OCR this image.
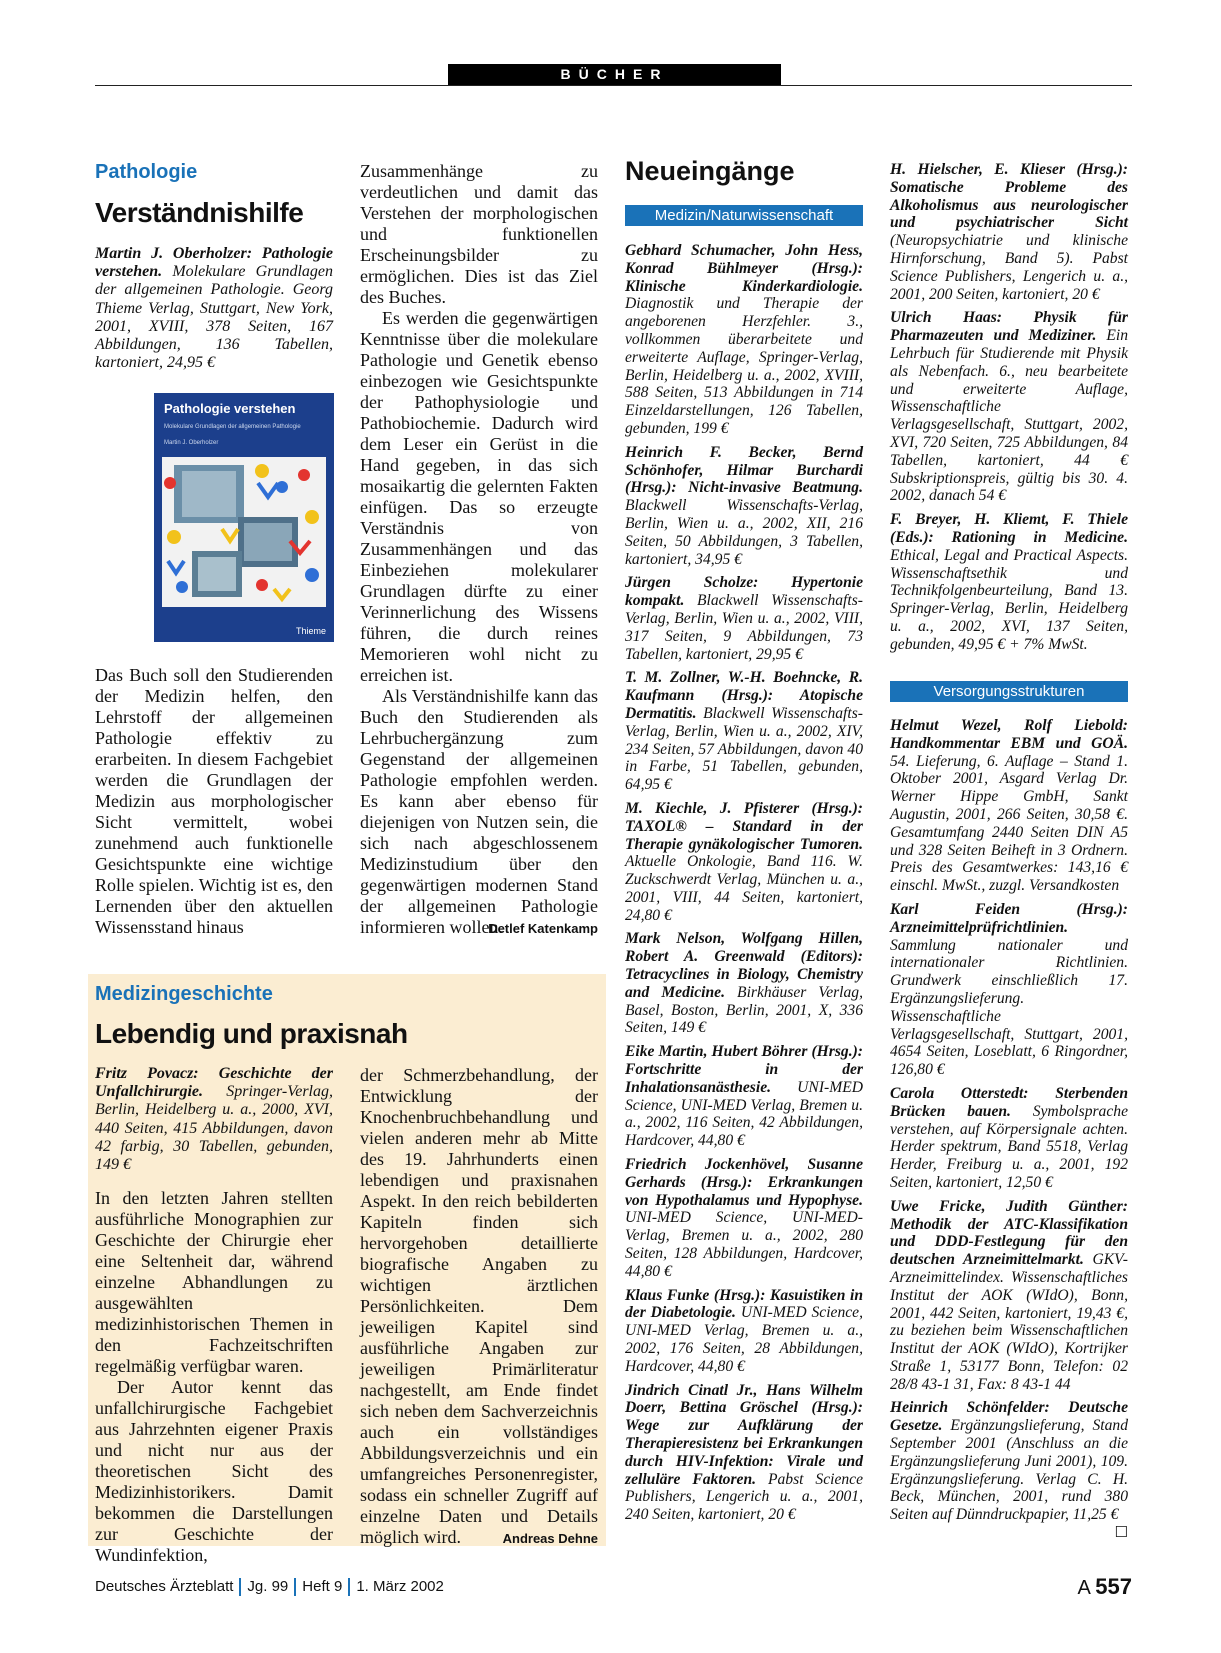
BÜCHER
Pathologie
Verständnishilfe
Martin J. Oberholzer: Pathologie verstehen. Molekulare Grundlagen der allgemeinen Pathologie. Georg Thieme Verlag, Stuttgart, New York, 2001, XVIII, 378 Seiten, 167 Abbildungen, 136 Tabellen, kartoniert, 24,95 €
Pathologie verstehen
Molekulare Grundlagen der allgemeinen Pathologie
Martin J. Oberholzer
Thieme

Das Buch soll den Studierenden der Medizin helfen, den Lehrstoff der allgemeinen Pathologie effektiv zu erarbeiten. In diesem Fachgebiet werden die Grundlagen der Medizin aus morphologischer Sicht vermittelt, wobei zunehmend auch funktionelle Gesichtspunkte eine wichtige Rolle spielen. Wichtig ist es, den Lernenden über den aktuellen Wissensstand hinaus

Zusammenhänge zu verdeutlichen und damit das Verstehen der morphologischen und funktionellen Erscheinungsbilder zu ermöglichen. Dies ist das Ziel des Buches.

Es werden die gegenwärtigen Kenntnisse über die molekulare Pathologie und Genetik ebenso einbezogen wie Gesichtspunkte der Pathophysiologie und Pathobiochemie. Dadurch wird dem Leser ein Gerüst in die Hand gegeben, in das sich mosaikartig die gelernten Fakten einfügen. Das so erzeugte Verständnis von Zusammenhängen und das Einbeziehen molekularer Grundlagen dürfte zu einer Verinnerlichung des Wissens führen, die durch reines Memorieren wohl nicht zu erreichen ist.

Als Verständnishilfe kann das Buch den Studierenden als Lehrbuchergänzung zum Gegenstand der allgemeinen Pathologie empfohlen werden. Es kann aber ebenso für diejenigen von Nutzen sein, die sich nach abgeschlossenem Medizinstudium über den gegenwärtigen modernen Stand der allgemeinen Pathologie informieren wollen.

Detlef Katenkamp
Medizingeschichte
Lebendig und praxisnah
Fritz Povacz: Geschichte der Unfallchirurgie. Springer-Verlag, Berlin, Heidelberg u. a., 2000, XVI, 440 Seiten, 415 Abbildungen, davon 42 farbig, 30 Tabellen, gebunden, 149 €

In den letzten Jahren stellten ausführliche Monographien zur Geschichte der Chirurgie eher eine Seltenheit dar, während einzelne Abhandlungen zu ausgewählten medizinhistorischen Themen in den Fachzeitschriften regelmäßig verfügbar waren.

Der Autor kennt das unfallchirurgische Fachgebiet aus Jahrzehnten eigener Praxis und nicht nur aus der theoretischen Sicht des Medizinhistorikers. Damit bekommen die Darstellungen zur Geschichte der Wundinfektion,

der Schmerzbehandlung, der Entwicklung der Knochenbruchbehandlung und vielen anderen mehr ab Mitte des 19. Jahrhunderts einen lebendigen und praxisnahen Aspekt. In den reich bebilderten Kapiteln finden sich hervorgehoben detaillierte biografische Angaben zu wichtigen ärztlichen Persönlichkeiten. Dem jeweiligen Kapitel sind ausführliche Angaben zur jeweiligen Primärliteratur nachgestellt, am Ende findet sich neben dem Sachverzeichnis auch ein vollständiges Abbildungsverzeichnis und ein umfangreiches Personenregister, sodass ein schneller Zugriff auf einzelne Daten und Details möglich wird.	Andreas Dehne
Neueingänge
Medizin/Naturwissenschaft
Gebhard Schumacher, John Hess, Konrad Bühlmeyer (Hrsg.): Klinische Kinderkardiologie. Diagnostik und Therapie der angeborenen Herzfehler. 3., vollkommen überarbeitete und erweiterte Auflage, Springer-Verlag, Berlin, Heidelberg u. a., 2002, XVIII, 588 Seiten, 513 Abbildungen in 714 Einzeldarstellungen, 126 Tabellen, gebunden, 199 €
Heinrich F. Becker, Bernd Schönhofer, Hilmar Burchardi (Hrsg.): Nicht-invasive Beatmung. Blackwell Wissenschafts-Verlag, Berlin, Wien u. a., 2002, XII, 216 Seiten, 50 Abbildungen, 3 Tabellen, kartoniert, 34,95 €
Jürgen Scholze: Hypertonie kompakt. Blackwell Wissenschafts-Verlag, Berlin, Wien u. a., 2002, VIII, 317 Seiten, 9 Abbildungen, 73 Tabellen, kartoniert, 29,95 €
T. M. Zollner, W.-H. Boehncke, R. Kaufmann (Hrsg.): Atopische Dermatitis. Blackwell Wissenschafts-Verlag, Berlin, Wien u. a., 2002, XIV, 234 Seiten, 57 Abbildungen, davon 40 in Farbe, 51 Tabellen, gebunden, 64,95 €
M. Kiechle, J. Pfisterer (Hrsg.): TAXOL® – Standard in der Therapie gynäkologischer Tumoren. Aktuelle Onkologie, Band 116. W. Zuckschwerdt Verlag, München u. a., 2001, VIII, 44 Seiten, kartoniert, 24,80 €
Mark Nelson, Wolfgang Hillen, Robert A. Greenwald (Editors): Tetracyclines in Biology, Chemistry and Medicine. Birkhäuser Verlag, Basel, Boston, Berlin, 2001, X, 336 Seiten, 149 €
Eike Martin, Hubert Böhrer (Hrsg.): Fortschritte in der Inhalationsanästhesie. UNI-MED Science, UNI-MED Verlag, Bremen u. a., 2002, 116 Seiten, 42 Abbildungen, Hardcover, 44,80 €
Friedrich Jockenhövel, Susanne Gerhards (Hrsg.): Erkrankungen von Hypothalamus und Hypophyse. UNI-MED Science, UNI-MED-Verlag, Bremen u. a., 2002, 280 Seiten, 128 Abbildungen, Hardcover, 44,80 €
Klaus Funke (Hrsg.): Kasuistiken in der Diabetologie. UNI-MED Science, UNI-MED Verlag, Bremen u. a., 2002, 176 Seiten, 28 Abbildungen, Hardcover, 44,80 €
Jindrich Cinatl Jr., Hans Wilhelm Doerr, Bettina Gröschel (Hrsg.): Wege zur Aufklärung der Therapieresistenz bei Erkrankungen durch HIV-Infektion: Virale und zelluläre Faktoren. Pabst Science Publishers, Lengerich u. a., 2001, 240 Seiten, kartoniert, 20 €
H. Hielscher, E. Klieser (Hrsg.): Somatische Probleme des Alkoholismus aus neurologischer und psychiatrischer Sicht (Neuropsychiatrie und klinische Hirnforschung, Band 5). Pabst Science Publishers, Lengerich u. a., 2001, 200 Seiten, kartoniert, 20 €
Ulrich Haas: Physik für Pharmazeuten und Mediziner. Ein Lehrbuch für Studierende mit Physik als Nebenfach. 6., neu bearbeitete und erweiterte Auflage, Wissenschaftliche Verlagsgesellschaft, Stuttgart, 2002, XVI, 720 Seiten, 725 Abbildungen, 84 Tabellen, kartoniert, 44 € Subskriptionspreis, gültig bis 30. 4. 2002, danach 54 €
F. Breyer, H. Kliemt, F. Thiele (Eds.): Rationing in Medicine. Ethical, Legal and Practical Aspects. Wissenschaftsethik und Technikfolgenbeurteilung, Band 13. Springer-Verlag, Berlin, Heidelberg u. a., 2002, XVI, 137 Seiten, gebunden, 49,95 € + 7% MwSt.
Versorgungsstrukturen
Helmut Wezel, Rolf Liebold: Handkommentar EBM und GOÄ. 54. Lieferung, 6. Auflage – Stand 1. Oktober 2001, Asgard Verlag Dr. Werner Hippe GmbH, Sankt Augustin, 2001, 266 Seiten, 30,58 €. Gesamtumfang 2440 Seiten DIN A5 und 328 Seiten Beiheft in 3 Ordnern. Preis des Gesamtwerkes: 143,16 € einschl. MwSt., zuzgl. Versandkosten
Karl Feiden (Hrsg.): Arzneimittelprüfrichtlinien. Sammlung nationaler und internationaler Richtlinien. Grundwerk einschließlich 17. Ergänzungslieferung. Wissenschaftliche Verlagsgesellschaft, Stuttgart, 2001, 4654 Seiten, Loseblatt, 6 Ringordner, 126,80 €
Carola Otterstedt: Sterbenden Brücken bauen. Symbolsprache verstehen, auf Körpersignale achten. Herder spektrum, Band 5518, Verlag Herder, Freiburg u. a., 2001, 192 Seiten, kartoniert, 12,50 €
Uwe Fricke, Judith Günther: Methodik der ATC-Klassifikation und DDD-Festlegung für den deutschen Arzneimittelmarkt. GKV-Arzneimittelindex. Wissenschaftliches Institut der AOK (WIdO), Bonn, 2001, 442 Seiten, kartoniert, 19,43 €, zu beziehen beim Wissenschaftlichen Institut der AOK (WIdO), Kortrijker Straße 1, 53177 Bonn, Telefon: 02 28/8 43-1 31, Fax: 8 43-1 44
Heinrich Schönfelder: Deutsche Gesetze. Ergänzungslieferung, Stand September 2001 (Anschluss an die Ergänzungslieferung Juni 2001), 109. Ergänzungslieferung. Verlag C. H. Beck, München, 2001, rund 380 Seiten auf Dünndruckpapier, 11,25 €
☐
Deutsches Ärzteblatt Jg. 99 Heft 9 1. März 2002	A 557
